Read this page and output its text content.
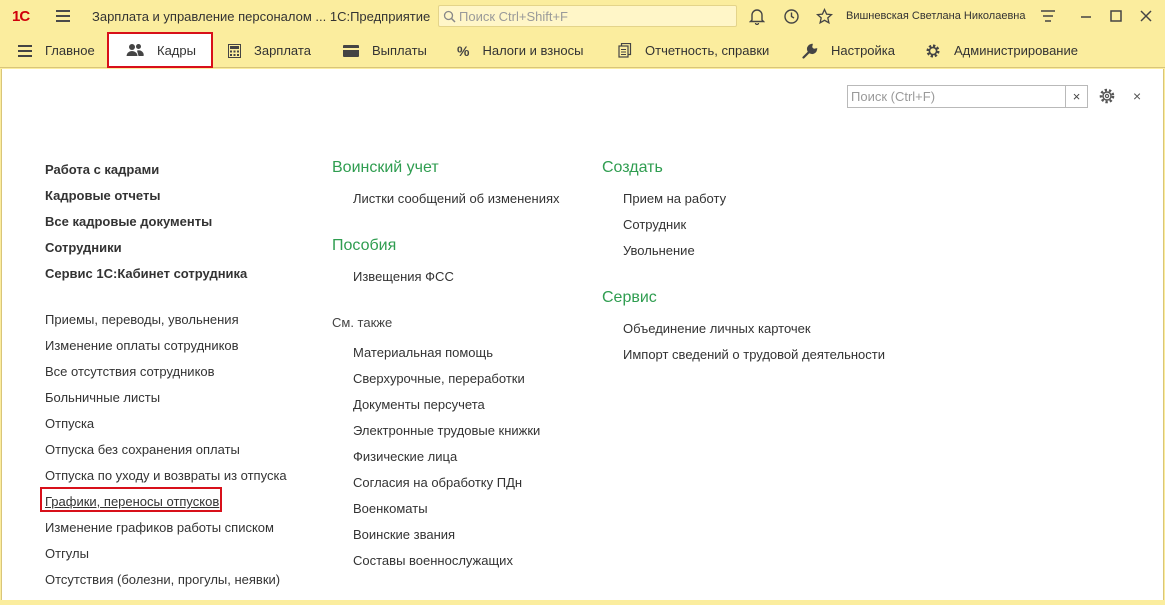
1С	Зарплата и управление персоналом ... 1С:Предприятие
Поиск Ctrl+Shift+F	Вишневская Светлана Николаевна
Главное	Кадры	Зарплата	Выплаты % Налоги и взносы	Отчетность, справки	Настройка	Администрирование
Поиск (Ctrl+F)
×	×
Работа с кадрами
Кадровые отчеты
Все кадровые документы
Сотрудники
Сервис 1С:Кабинет сотрудника
Приемы, переводы, увольнения
Изменение оплаты сотрудников
Все отсутствия сотрудников
Больничные листы
Отпуска
Отпуска без сохранения оплаты
Отпуска по уходу и возвраты из отпуска
Графики, переносы отпусков
Изменение графиков работы списком
Отгулы
Отсутствия (болезни, прогулы, неявки)
Воинский учет
Листки сообщений об изменениях
Пособия
Извещения ФСС
См. также
Материальная помощь
Сверхурочные, переработки
Документы персучета
Электронные трудовые книжки
Физические лица
Согласия на обработку ПДн
Военкоматы
Воинские звания
Составы военнослужащих
Создать
Прием на работу
Сотрудник
Увольнение
Сервис
Объединение личных карточек
Импорт сведений о трудовой деятельности
